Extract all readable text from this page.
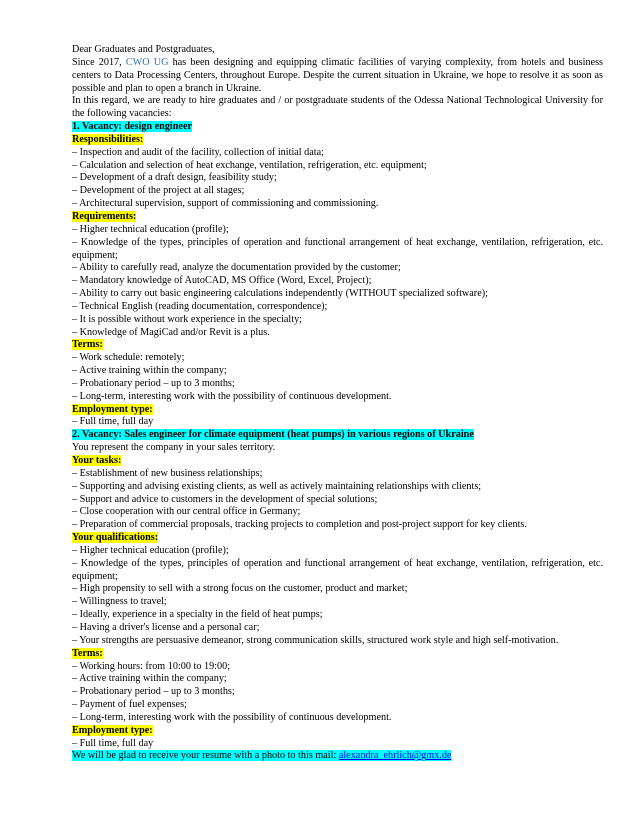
Dear Graduates and Postgraduates,
Since 2017, CWO UG has been designing and equipping climatic facilities of varying complexity, from hotels and business centers to Data Processing Centers, throughout Europe. Despite the current situation in Ukraine, we hope to resolve it as soon as possible and plan to open a branch in Ukraine.
In this regard, we are ready to hire graduates and / or postgraduate students of the Odessa National Technological University for the following vacancies:
1. Vacancy: design engineer
Responsibilities:
– Inspection and audit of the facility, collection of initial data;
– Calculation and selection of heat exchange, ventilation, refrigeration, etc. equipment;
– Development of a draft design, feasibility study;
– Development of the project at all stages;
– Architectural supervision, support of commissioning and commissioning.
Requirements:
– Higher technical education (profile);
– Knowledge of the types, principles of operation and functional arrangement of heat exchange, ventilation, refrigeration, etc. equipment;
– Ability to carefully read, analyze the documentation provided by the customer;
– Mandatory knowledge of AutoCAD, MS Office (Word, Excel, Project);
– Ability to carry out basic engineering calculations independently (WITHOUT specialized software);
– Technical English (reading documentation, correspondence);
– It is possible without work experience in the specialty;
– Knowledge of MagiCad and/or Revit is a plus.
Terms:
– Work schedule: remotely;
– Active training within the company;
– Probationary period – up to 3 months;
– Long-term, interesting work with the possibility of continuous development.
Employment type:
– Full time, full day
2. Vacancy: Sales engineer for climate equipment (heat pumps) in various regions of Ukraine
You represent the company in your sales territory.
Your tasks:
– Establishment of new business relationships;
– Supporting and advising existing clients, as well as actively maintaining relationships with clients;
– Support and advice to customers in the development of special solutions;
– Close cooperation with our central office in Germany;
– Preparation of commercial proposals, tracking projects to completion and post-project support for key clients.
Your qualifications:
– Higher technical education (profile);
– Knowledge of the types, principles of operation and functional arrangement of heat exchange, ventilation, refrigeration, etc. equipment;
– High propensity to sell with a strong focus on the customer, product and market;
– Willingness to travel;
– Ideally, experience in a specialty in the field of heat pumps;
– Having a driver's license and a personal car;
– Your strengths are persuasive demeanor, strong communication skills, structured work style and high self-motivation.
Terms:
– Working hours: from 10:00 to 19:00;
– Active training within the company;
– Probationary period – up to 3 months;
– Payment of fuel expenses;
– Long-term, interesting work with the possibility of continuous development.
Employment type:
– Full time, full day
We will be glad to receive your resume with a photo to this mail: alexandra_ehrlich@gmx.de
